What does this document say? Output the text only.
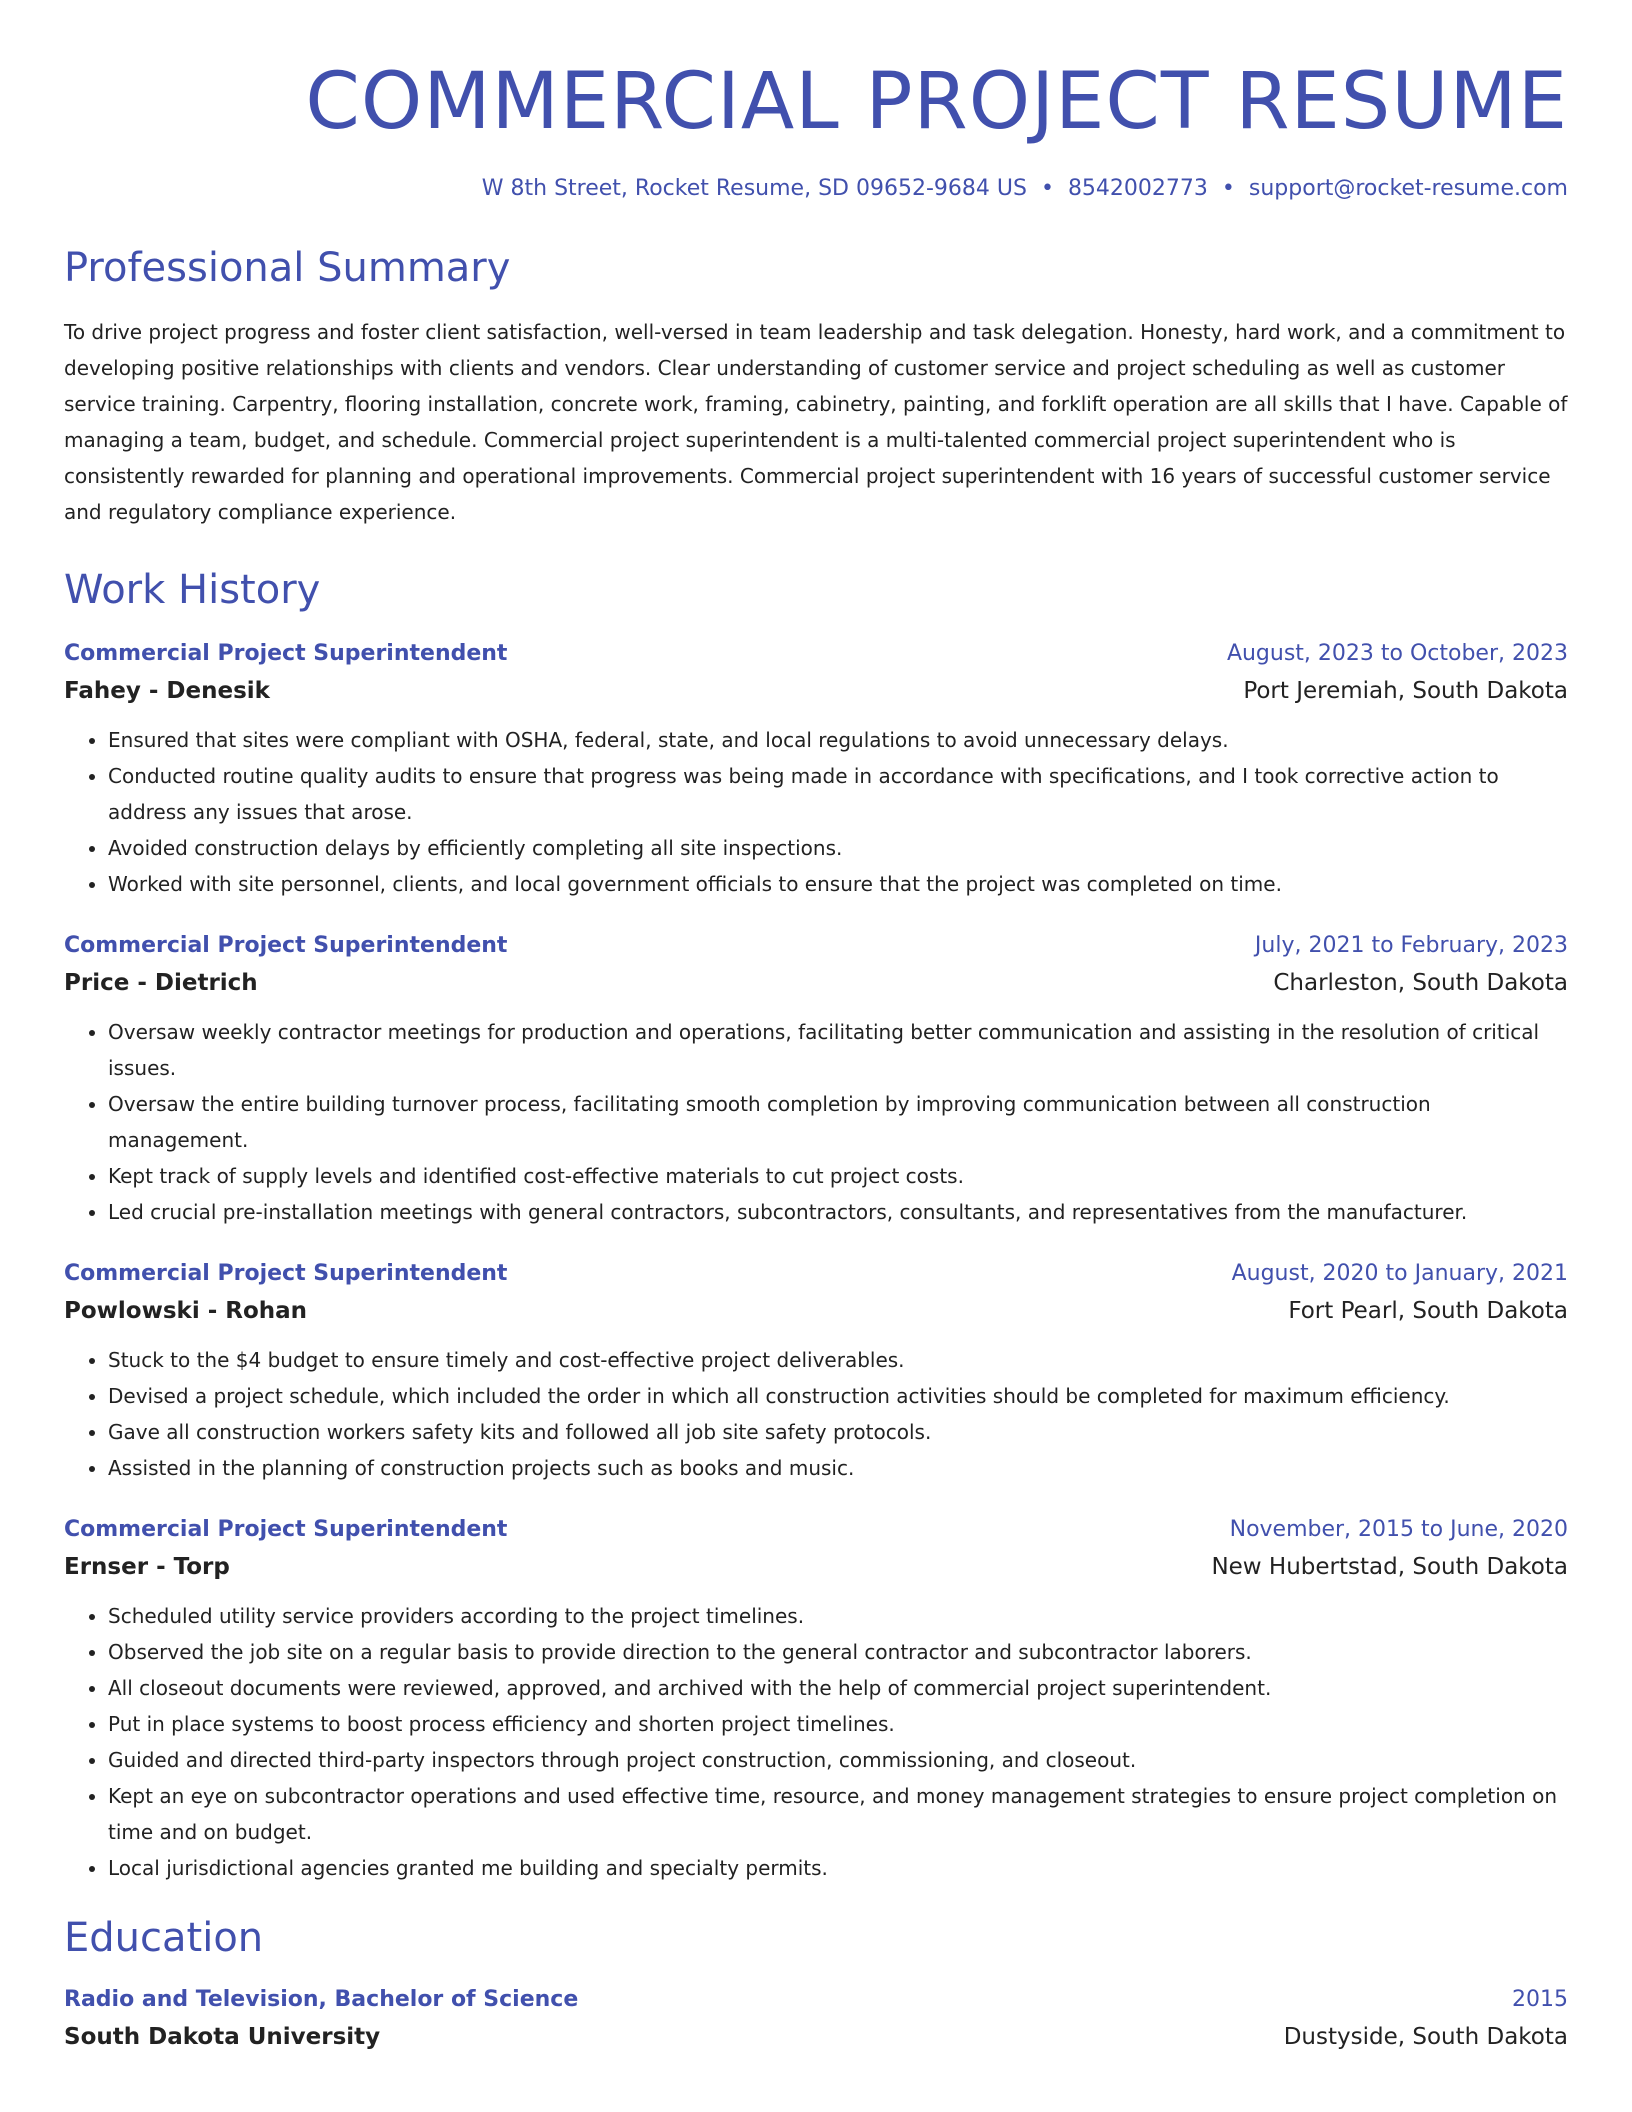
COMMERCIAL PROJECT RESUME
W 8th Street, Rocket Resume, SD 09652-9684 US • 8542002773 • support@rocket-resume.com
Professional Summary
To drive project progress and foster client satisfaction, well-versed in team leadership and task delegation. Honesty, hard work, and a commitment to developing positive relationships with clients and vendors. Clear understanding of customer service and project scheduling as well as customer service training. Carpentry, flooring installation, concrete work, framing, cabinetry, painting, and forklift operation are all skills that I have. Capable of managing a team, budget, and schedule. Commercial project superintendent is a multi-talented commercial project superintendent who is consistently rewarded for planning and operational improvements. Commercial project superintendent with 16 years of successful customer service and regulatory compliance experience.
Work History
Commercial Project Superintendent	August, 2023 to October, 2023
Fahey - Denesik	Port Jeremiah, South Dakota
• Ensured that sites were compliant with OSHA, federal, state, and local regulations to avoid unnecessary delays.
• Conducted routine quality audits to ensure that progress was being made in accordance with specifications, and I took corrective action to address any issues that arose.
• Avoided construction delays by efficiently completing all site inspections.
• Worked with site personnel, clients, and local government officials to ensure that the project was completed on time.
Commercial Project Superintendent	July, 2021 to February, 2023
Price - Dietrich	Charleston, South Dakota
• Oversaw weekly contractor meetings for production and operations, facilitating better communication and assisting in the resolution of critical issues.
• Oversaw the entire building turnover process, facilitating smooth completion by improving communication between all construction management.
• Kept track of supply levels and identified cost-effective materials to cut project costs.
• Led crucial pre-installation meetings with general contractors, subcontractors, consultants, and representatives from the manufacturer.
Commercial Project Superintendent	August, 2020 to January, 2021
Powlowski - Rohan	Fort Pearl, South Dakota
• Stuck to the $4 budget to ensure timely and cost-effective project deliverables.
• Devised a project schedule, which included the order in which all construction activities should be completed for maximum efficiency.
• Gave all construction workers safety kits and followed all job site safety protocols.
• Assisted in the planning of construction projects such as books and music.
Commercial Project Superintendent	November, 2015 to June, 2020
Ernser - Torp	New Hubertstad, South Dakota
• Scheduled utility service providers according to the project timelines.
• Observed the job site on a regular basis to provide direction to the general contractor and subcontractor laborers.
• All closeout documents were reviewed, approved, and archived with the help of commercial project superintendent.
• Put in place systems to boost process efficiency and shorten project timelines.
• Guided and directed third-party inspectors through project construction, commissioning, and closeout.
• Kept an eye on subcontractor operations and used effective time, resource, and money management strategies to ensure project completion on time and on budget.
• Local jurisdictional agencies granted me building and specialty permits.
Education
Radio and Television, Bachelor of Science	2015
South Dakota University	Dustyside, South Dakota
